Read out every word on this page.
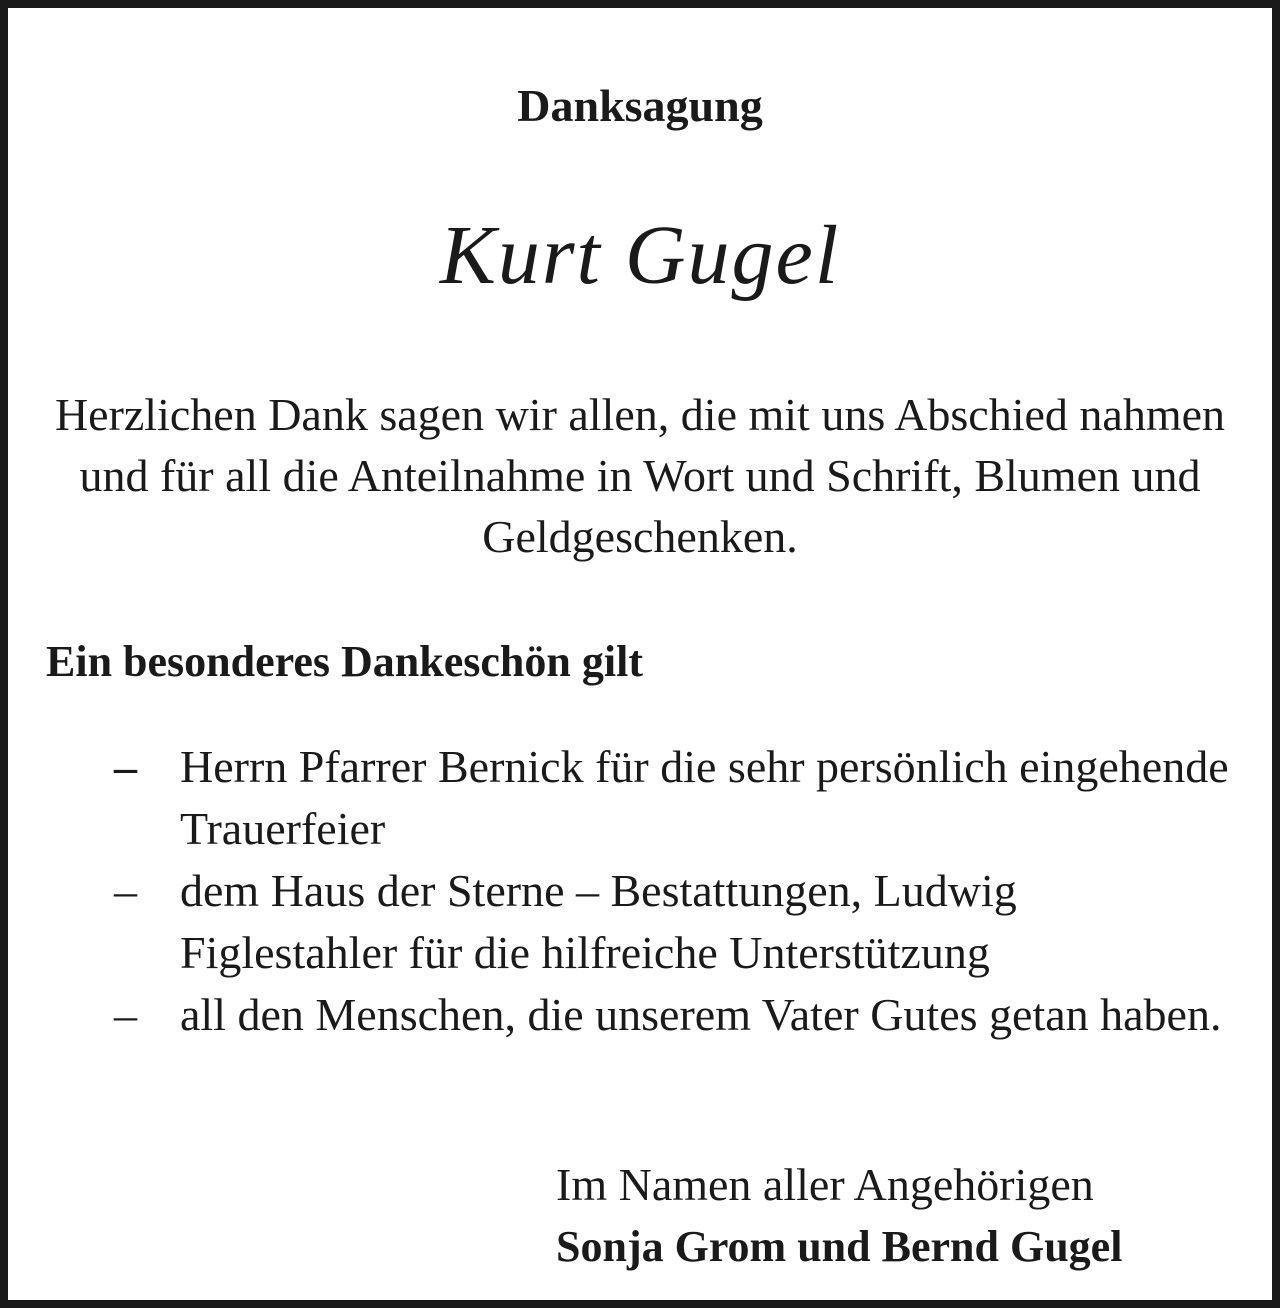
Danksagung
Kurt Gugel
Herzlichen Dank sagen wir allen, die mit uns Abschied nahmen und für all die Anteilnahme in Wort und Schrift, Blumen und Geldgeschenken.
Ein besonderes Dankeschön gilt
– Herrn Pfarrer Bernick für die sehr persönlich eingehende Trauerfeier
– dem Haus der Sterne – Bestattungen, Ludwig Figlestahler für die hilfreiche Unterstützung
– all den Menschen, die unserem Vater Gutes getan haben.
Im Namen aller Angehörigen
Sonja Grom und Bernd Gugel
